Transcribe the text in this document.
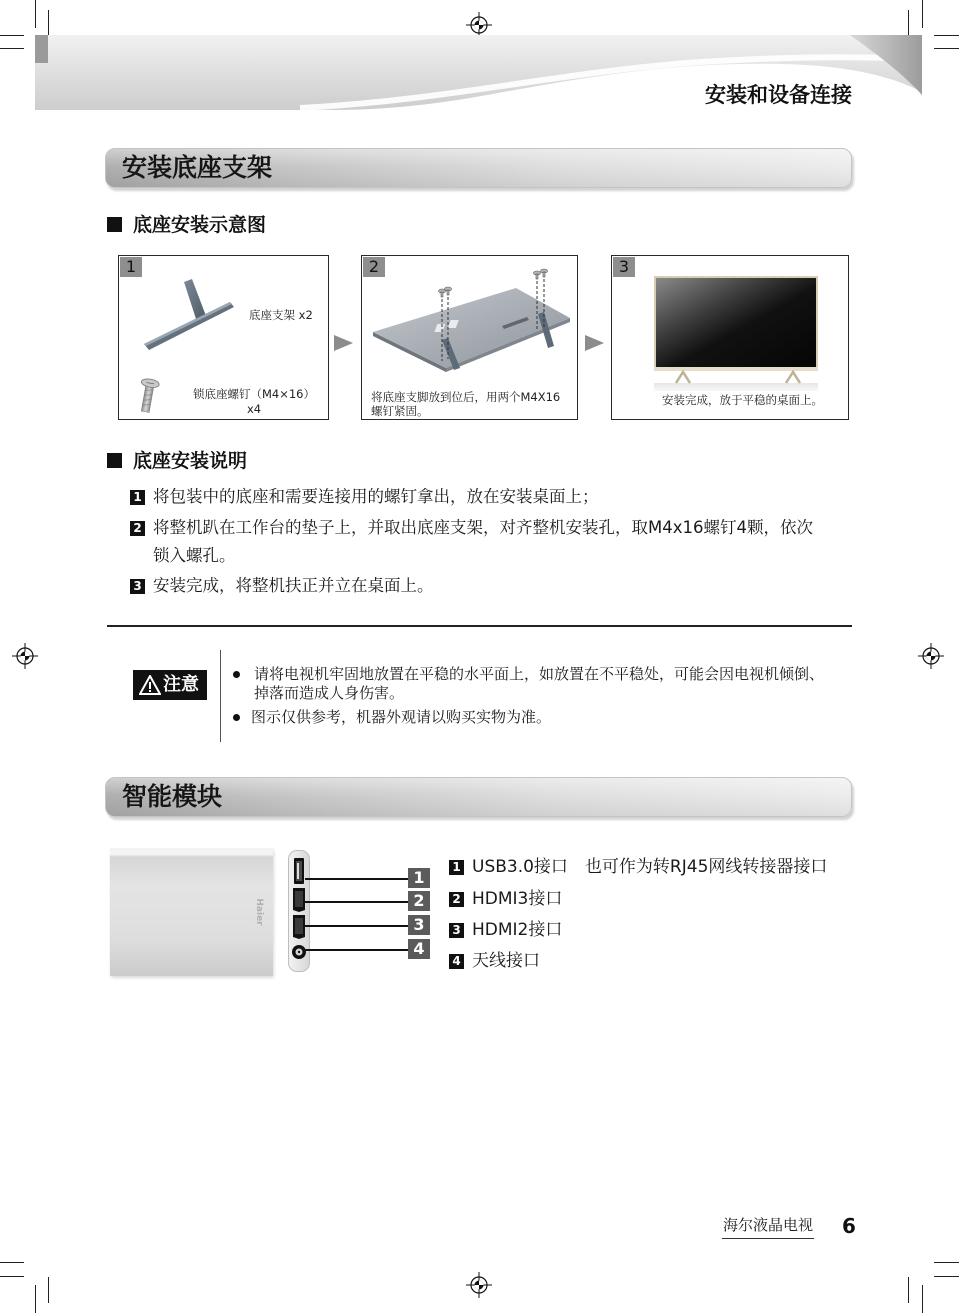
安装和设备连接
安装底座支架
底座安装示意图
1
底座支架 x2
锁底座螺钉（M4×16）
x4
2
将底座支脚放到位后，用两个M4X16
螺钉紧固。
3
安装完成，放于平稳的桌面上。
底座安装说明
1 将包装中的底座和需要连接用的螺钉拿出，放在安装桌面上；
2 将整机趴在工作台的垫子上，并取出底座支架，对齐整机安装孔，取M4x16螺钉4颗，依次
锁入螺孔。
3 安装完成，将整机扶正并立在桌面上。
注意	请将电视机牢固地放置在平稳的水平面上，如放置在不平稳处，可能会因电视机倾倒、
掉落而造成人身伤害。
图示仅供参考，机器外观请以购买实物为准。
智能模块
Haier
1
2
3
4
1 USB3.0接口　也可作为转RJ45网线转接器接口
2 HDMI3接口
3 HDMI2接口
4 天线接口
海尔液晶电视 6
